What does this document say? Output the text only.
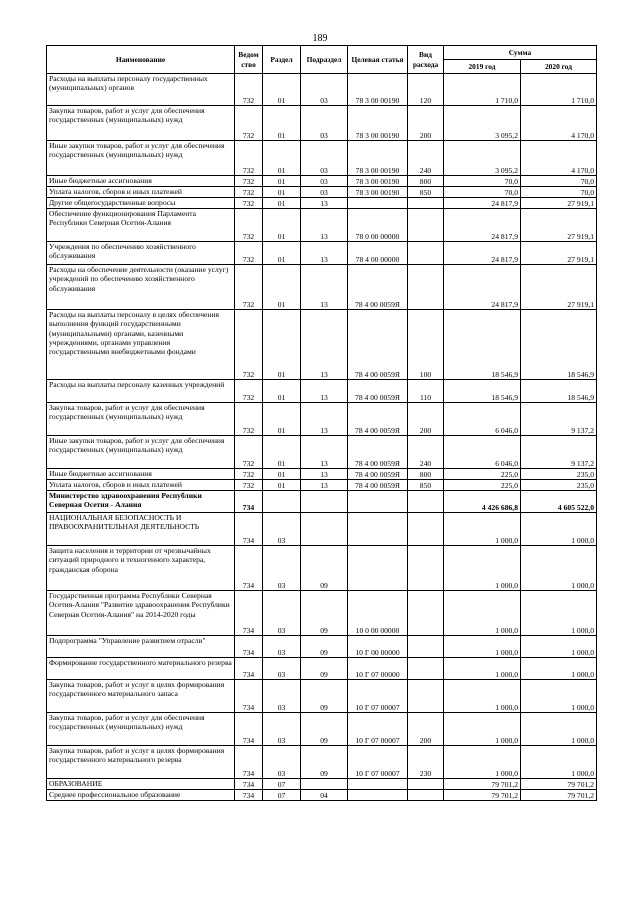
189
Наименование	Ведом ство	Раздел	Подраздел	Целевая статья	Вид расхода	Сумма	
						2019 год	2020 год
Расходы на выплаты персоналу государственных (муниципальных) органов	732	01	03	78 3 00 00190	120	1 710,0	1 710,0
Закупка товаров, работ и услуг для обеспечения государственных (муниципальных) нужд	732	01	03	78 3 00 00190	200	3 095,2	4 170,0
Иные закупки товаров, работ и услуг для обеспечения государственных (муниципальных) нужд	732	01	03	78 3 00 00190	240	3 095,2	4 170,0
Иные бюджетные ассигнования	732	01	03	78 3 00 00190	800	70,0	70,0
Уплата налогов, сборов и иных платежей	732	01	03	78 3 00 00190	850	70,0	70,0
Другие общегосударственные вопросы	732	01	13			24 817,9	27 919,1
Обеспечение функционирования Парламента Республики Северная Осетия-Алания	732	01	13	78 0 00 00000		24 817,9	27 919,1
Учреждения по обеспечению хозяйственного обслуживания	732	01	13	78 4 00 00000		24 817,9	27 919,1
Расходы на обеспечение деятельности (оказание услуг) учреждений по обеспечению хозяйственного обслуживания	732	01	13	78 4 00 0059Я		24 817,9	27 919,1
Расходы на выплаты персоналу в целях обеспечения выполнения функций государственными (муниципальными) органами, казенными учреждениями, органами управления государственными внебюджетными фондами	732	01	13	78 4 00 0059Я	100	18 546,9	18 546,9
Расходы на выплаты персоналу казенных учреждений	732	01	13	78 4 00 0059Я	110	18 546,9	18 546,9
Закупка товаров, работ и услуг для обеспечения государственных (муниципальных) нужд	732	01	13	78 4 00 0059Я	200	6 046,0	9 137,2
Иные закупки товаров, работ и услуг для обеспечения государственных (муниципальных) нужд	732	01	13	78 4 00 0059Я	240	6 046,0	9 137,2
Иные бюджетные ассигнования	732	01	13	78 4 00 0059Я	800	225,0	235,0
Уплата налогов, сборов и иных платежей	732	01	13	78 4 00 0059Я	850	225,0	235,0
Министерство здравоохранения Республики Северная Осетия - Алания	734					4 426 686,8	4 605 522,0
НАЦИОНАЛЬНАЯ БЕЗОПАСНОСТЬ И ПРАВООХРАНИТЕЛЬНАЯ ДЕЯТЕЛЬНОСТЬ	734	03				1 000,0	1 000,0
Защита населения и территории от чрезвычайных ситуаций природного и техногенного характера, гражданская оборона	734	03	09			1 000,0	1 000,0
Государственная программа Республики Северная Осетия-Алания "Развитие здравоохранения Республики Северная Осетия-Алания" на 2014-2020 годы	734	03	09	10 0 00 00000		1 000,0	1 000,0
Подпрограмма "Управление развитием отрасли"	734	03	09	10 Г 00 00000		1 000,0	1 000,0
Формирование государственного материального резерва	734	03	09	10 Г 07 00000		1 000,0	1 000,0
Закупка товаров, работ и услуг в целях формирования государственного материального запаса	734	03	09	10 Г 07 00007		1 000,0	1 000,0
Закупка товаров, работ и услуг для обеспечения государственных (муниципальных) нужд	734	03	09	10 Г 07 00007	200	1 000,0	1 000,0
Закупка товаров, работ и услуг в целях формирования государственного материального резерва	734	03	09	10 Г 07 00007	230	1 000,0	1 000,0
ОБРАЗОВАНИЕ	734	07				79 701,2	79 701,2
Среднее профессиональное образование	734	07	04			79 701,2	79 701,2
